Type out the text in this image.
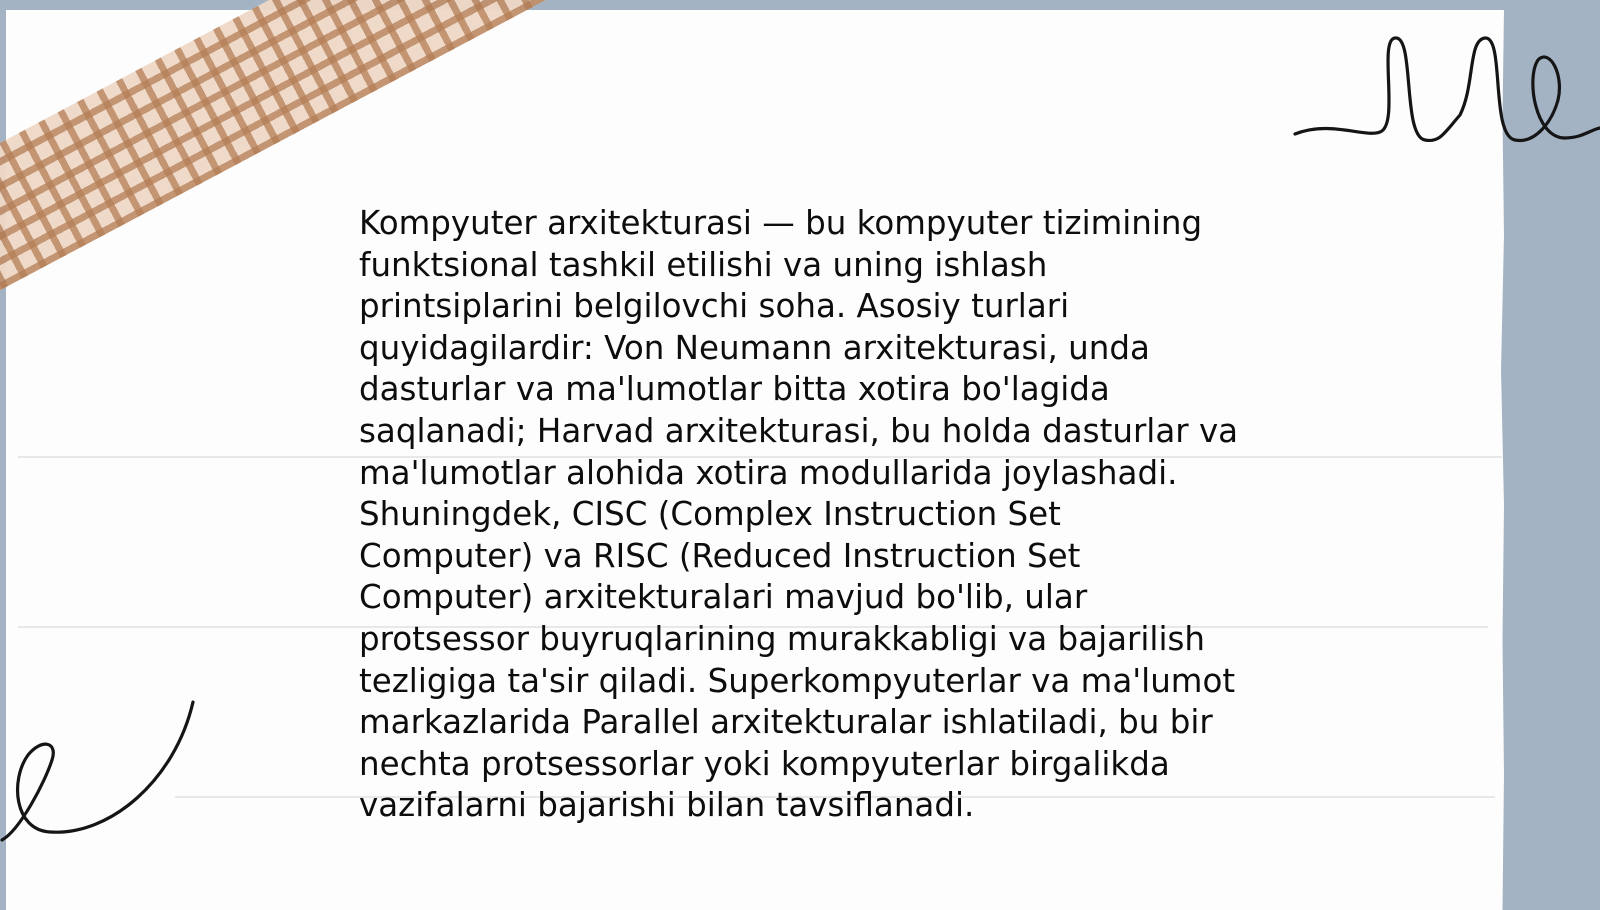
Kompyuter arxitekturasi — bu kompyuter tizimining
funktsional tashkil etilishi va uning ishlash
printsiplarini belgilovchi soha. Asosiy turlari
quyidagilardir: Von Neumann arxitekturasi, unda
dasturlar va ma'lumotlar bitta xotira bo'lagida
saqlanadi; Harvad arxitekturasi, bu holda dasturlar va
ma'lumotlar alohida xotira modullarida joylashadi.
Shuningdek, CISC (Complex Instruction Set
Computer) va RISC (Reduced Instruction Set
Computer) arxitekturalari mavjud bo'lib, ular
protsessor buyruqlarining murakkabligi va bajarilish
tezligiga ta'sir qiladi. Superkompyuterlar va ma'lumot
markazlarida Parallel arxitekturalar ishlatiladi, bu bir
nechta protsessorlar yoki kompyuterlar birgalikda
vazifalarni bajarishi bilan tavsiflanadi.
